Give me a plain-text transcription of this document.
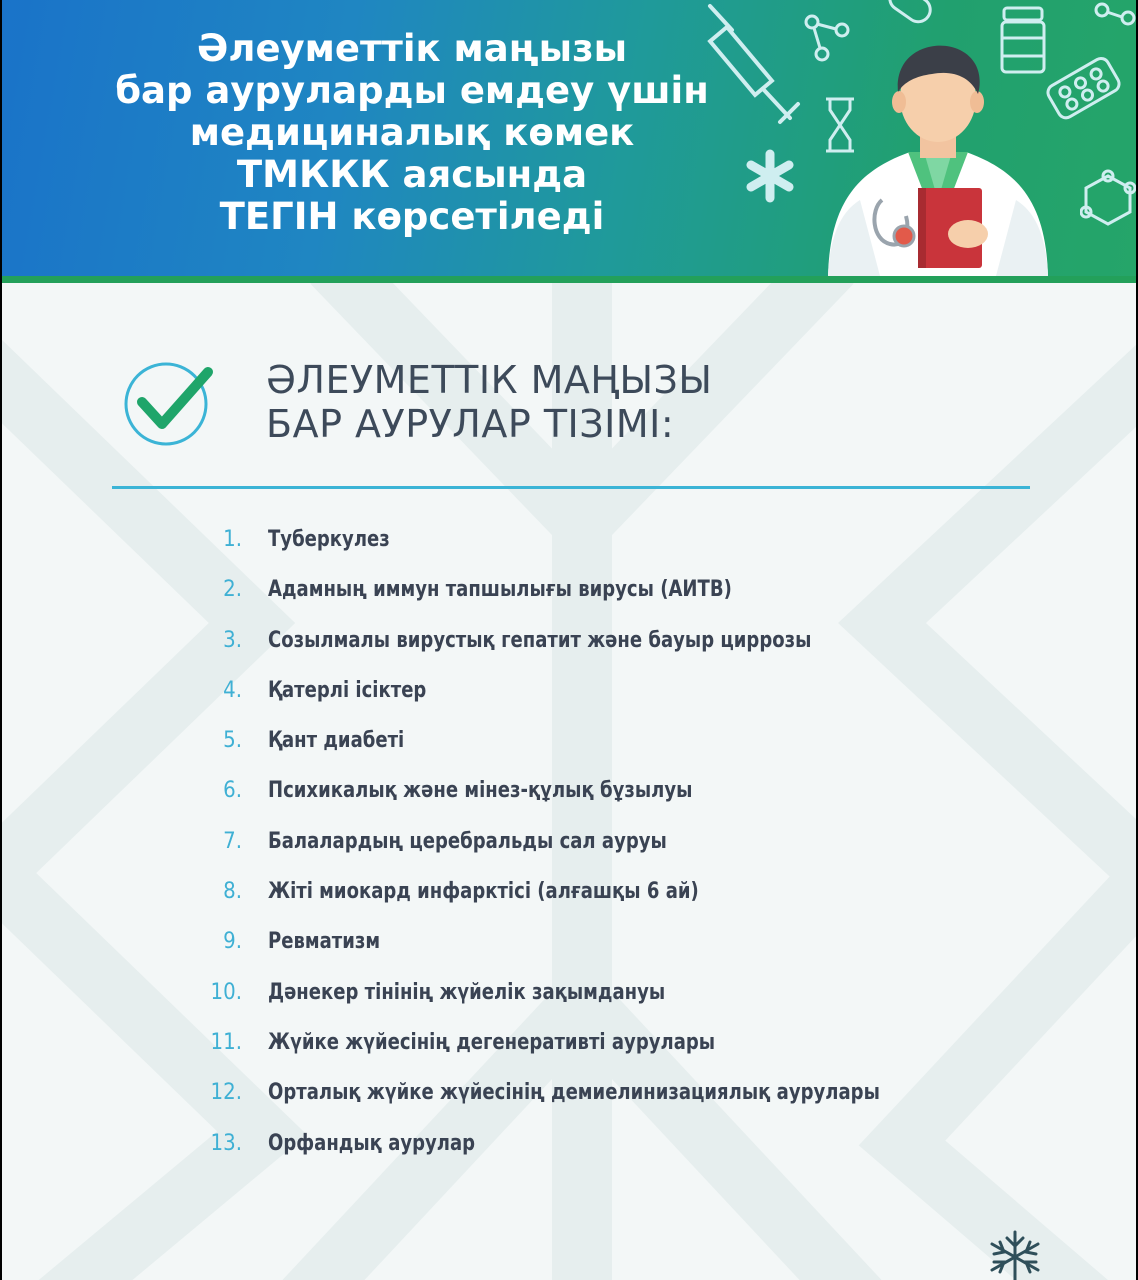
Әлеуметтік маңызы
бар ауруларды емдеу үшін
медициналық көмек
ТМККК аясында
ТЕГІН көрсетіледі
ӘЛЕУМЕТТІК МАҢЫЗЫ
БАР АУРУЛАР ТІЗІМІ:
1. Туберкулез
2. Адамның иммун тапшылығы вирусы (АИТВ)
3. Созылмалы вирустық гепатит және бауыр циррозы
4. Қатерлі ісіктер
5. Қант диабеті
6. Психикалық және мінез-құлық бұзылуы
7. Балалардың церебральды сал ауруы
8. Жіті миокард инфарктісі (алғашқы 6 ай)
9. Ревматизм
10. Дәнекер тінінің жүйелік зақымдануы
11. Жүйке жүйесінің дегенеративті аурулары
12. Орталық жүйке жүйесінің демиелинизациялық аурулары
13. Орфандық аурулар
